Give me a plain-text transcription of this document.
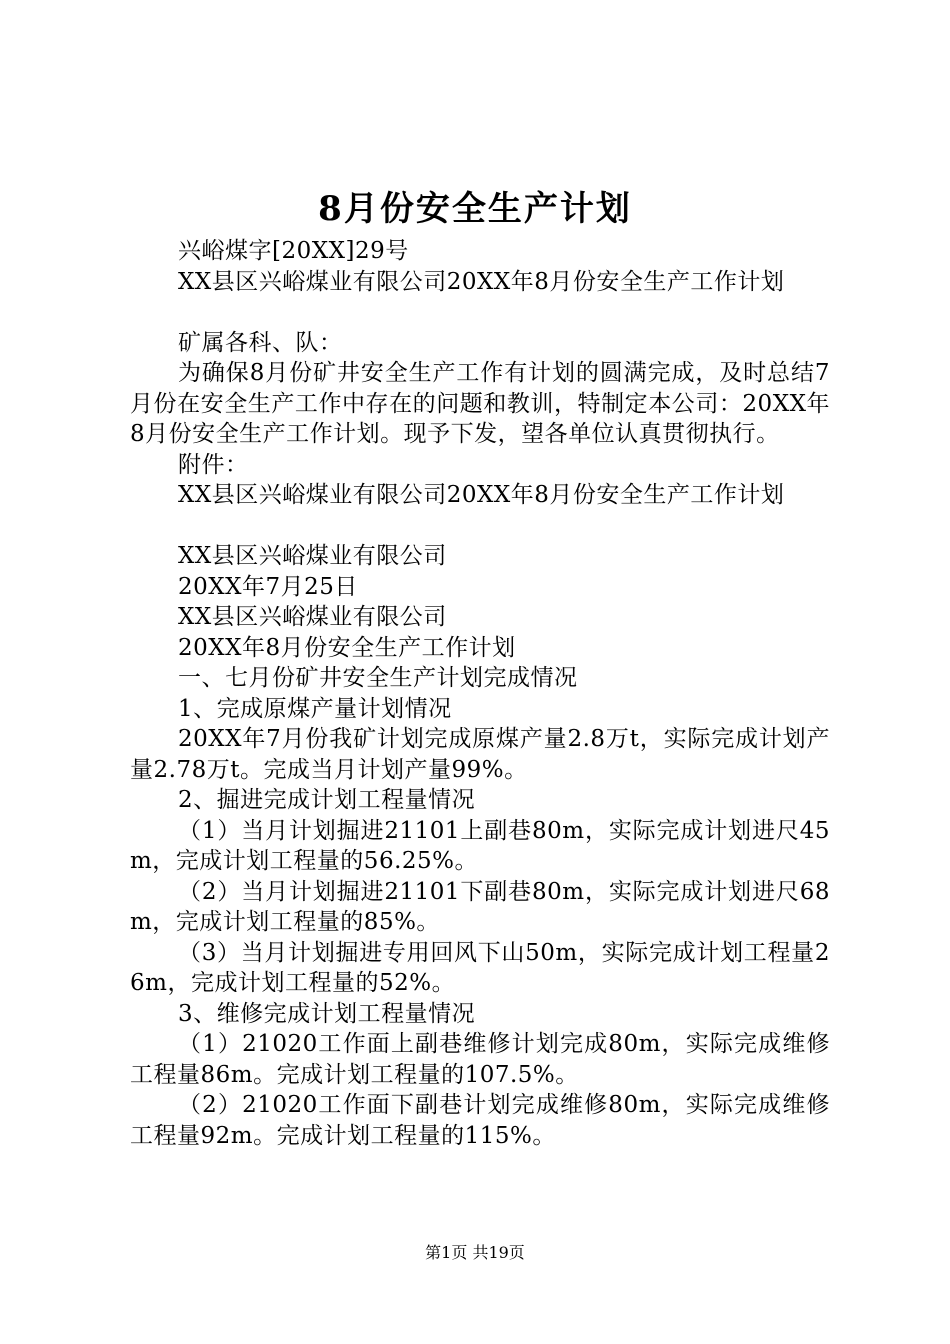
8月份安全生产计划

兴峪煤字[20XX]29号

XX县区兴峪煤业有限公司20XX年8月份安全生产工作计划

矿属各科、队：

为确保8月份矿井安全生产工作有计划的圆满完成，及时总结7月份在安全生产工作中存在的问题和教训，特制定本公司：20XX年8月份安全生产工作计划。现予下发，望各单位认真贯彻执行。

附件：

XX县区兴峪煤业有限公司20XX年8月份安全生产工作计划

XX县区兴峪煤业有限公司

20XX年7月25日

XX县区兴峪煤业有限公司

20XX年8月份安全生产工作计划

一、七月份矿井安全生产计划完成情况

1、完成原煤产量计划情况

20XX年7月份我矿计划完成原煤产量2.8万t，实际完成计划产量2.78万t。完成当月计划产量99%。

2、掘进完成计划工程量情况

（1）当月计划掘进21101上副巷80m，实际完成计划进尺45m，完成计划工程量的56.25%。

（2）当月计划掘进21101下副巷80m，实际完成计划进尺68m，完成计划工程量的85%。

（3）当月计划掘进专用回风下山50m，实际完成计划工程量26m，完成计划工程量的52%。

3、维修完成计划工程量情况

（1）21020工作面上副巷维修计划完成80m，实际完成维修工程量86m。完成计划工程量的107.5%。

（2）21020工作面下副巷计划完成维修80m，实际完成维修工程量92m。完成计划工程量的115%。

第1页 共19页
